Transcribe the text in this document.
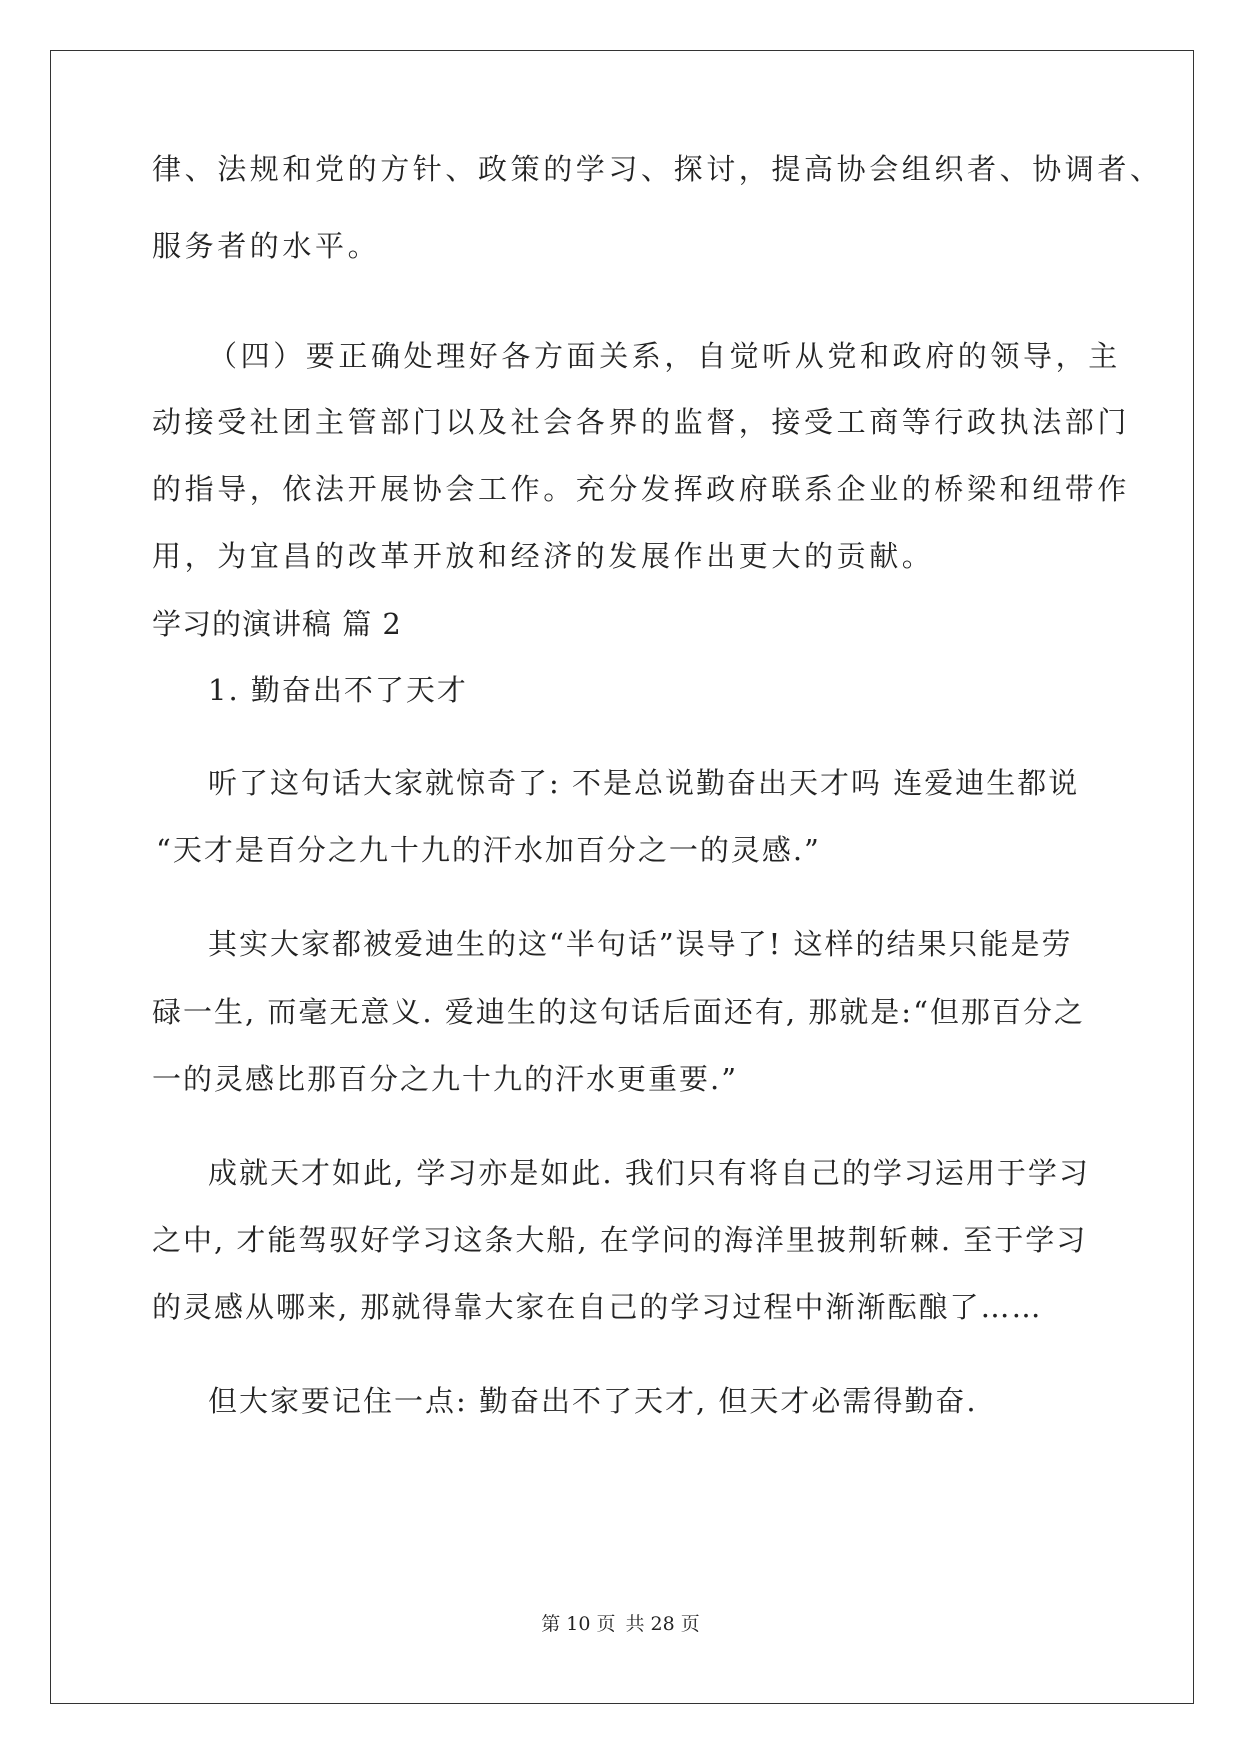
律、法规和党的方针、政策的学习、探讨，提高协会组织者、协调者、
服务者的水平。
（四）要正确处理好各方面关系，自觉听从党和政府的领导，主
动接受社团主管部门以及社会各界的监督，接受工商等行政执法部门
的指导，依法开展协会工作。充分发挥政府联系企业的桥梁和纽带作
用，为宜昌的改革开放和经济的发展作出更大的贡献。
学习的演讲稿 篇 2
1. 勤奋出不了天才
听了这句话大家就惊奇了: 不是总说勤奋出天才吗 连爱迪生都说
“天才是百分之九十九的汗水加百分之一的灵感.”
其实大家都被爱迪生的这“半句话”误导了! 这样的结果只能是劳
碌一生, 而毫无意义. 爱迪生的这句话后面还有, 那就是:“但那百分之
一的灵感比那百分之九十九的汗水更重要.”
成就天才如此, 学习亦是如此. 我们只有将自己的学习运用于学习
之中, 才能驾驭好学习这条大船, 在学问的海洋里披荆斩棘. 至于学习
的灵感从哪来, 那就得靠大家在自己的学习过程中渐渐酝酿了……
但大家要记住一点: 勤奋出不了天才, 但天才必需得勤奋.
第 10 页 共 28 页
